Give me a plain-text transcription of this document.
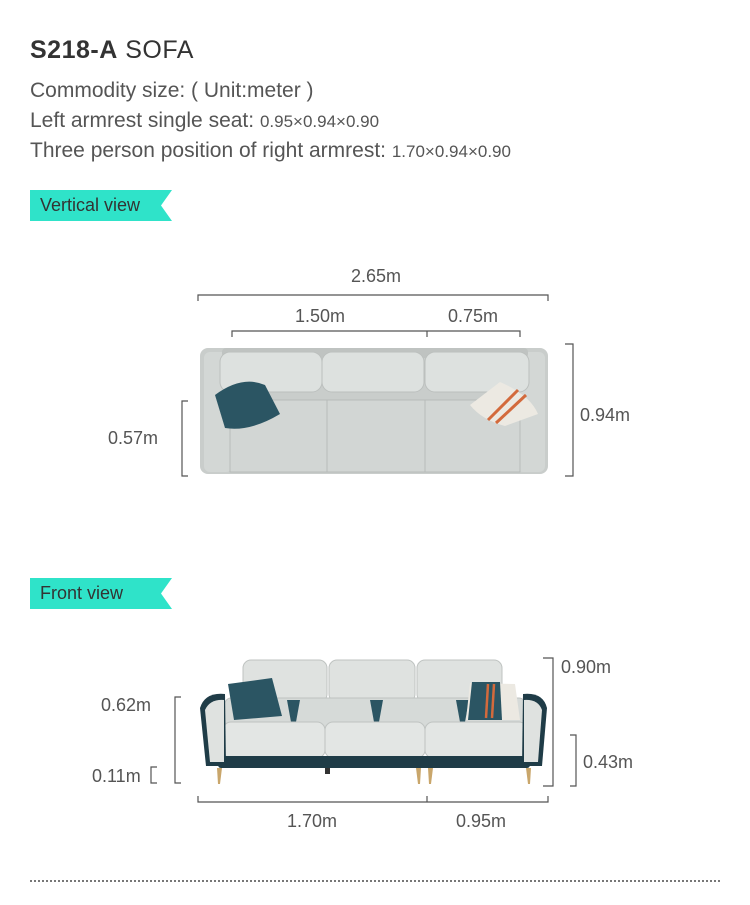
S218-A SOFA
Commodity size: ( Unit:meter )
Left armrest single seat: 0.95×0.94×0.90
Three person position of right armrest: 1.70×0.94×0.90
Vertical view
2.65m
1.50m	0.75m
0.57m
0.94m
Front view
0.90m
0.62m
0.11m
0.43m
1.70m	0.95m
